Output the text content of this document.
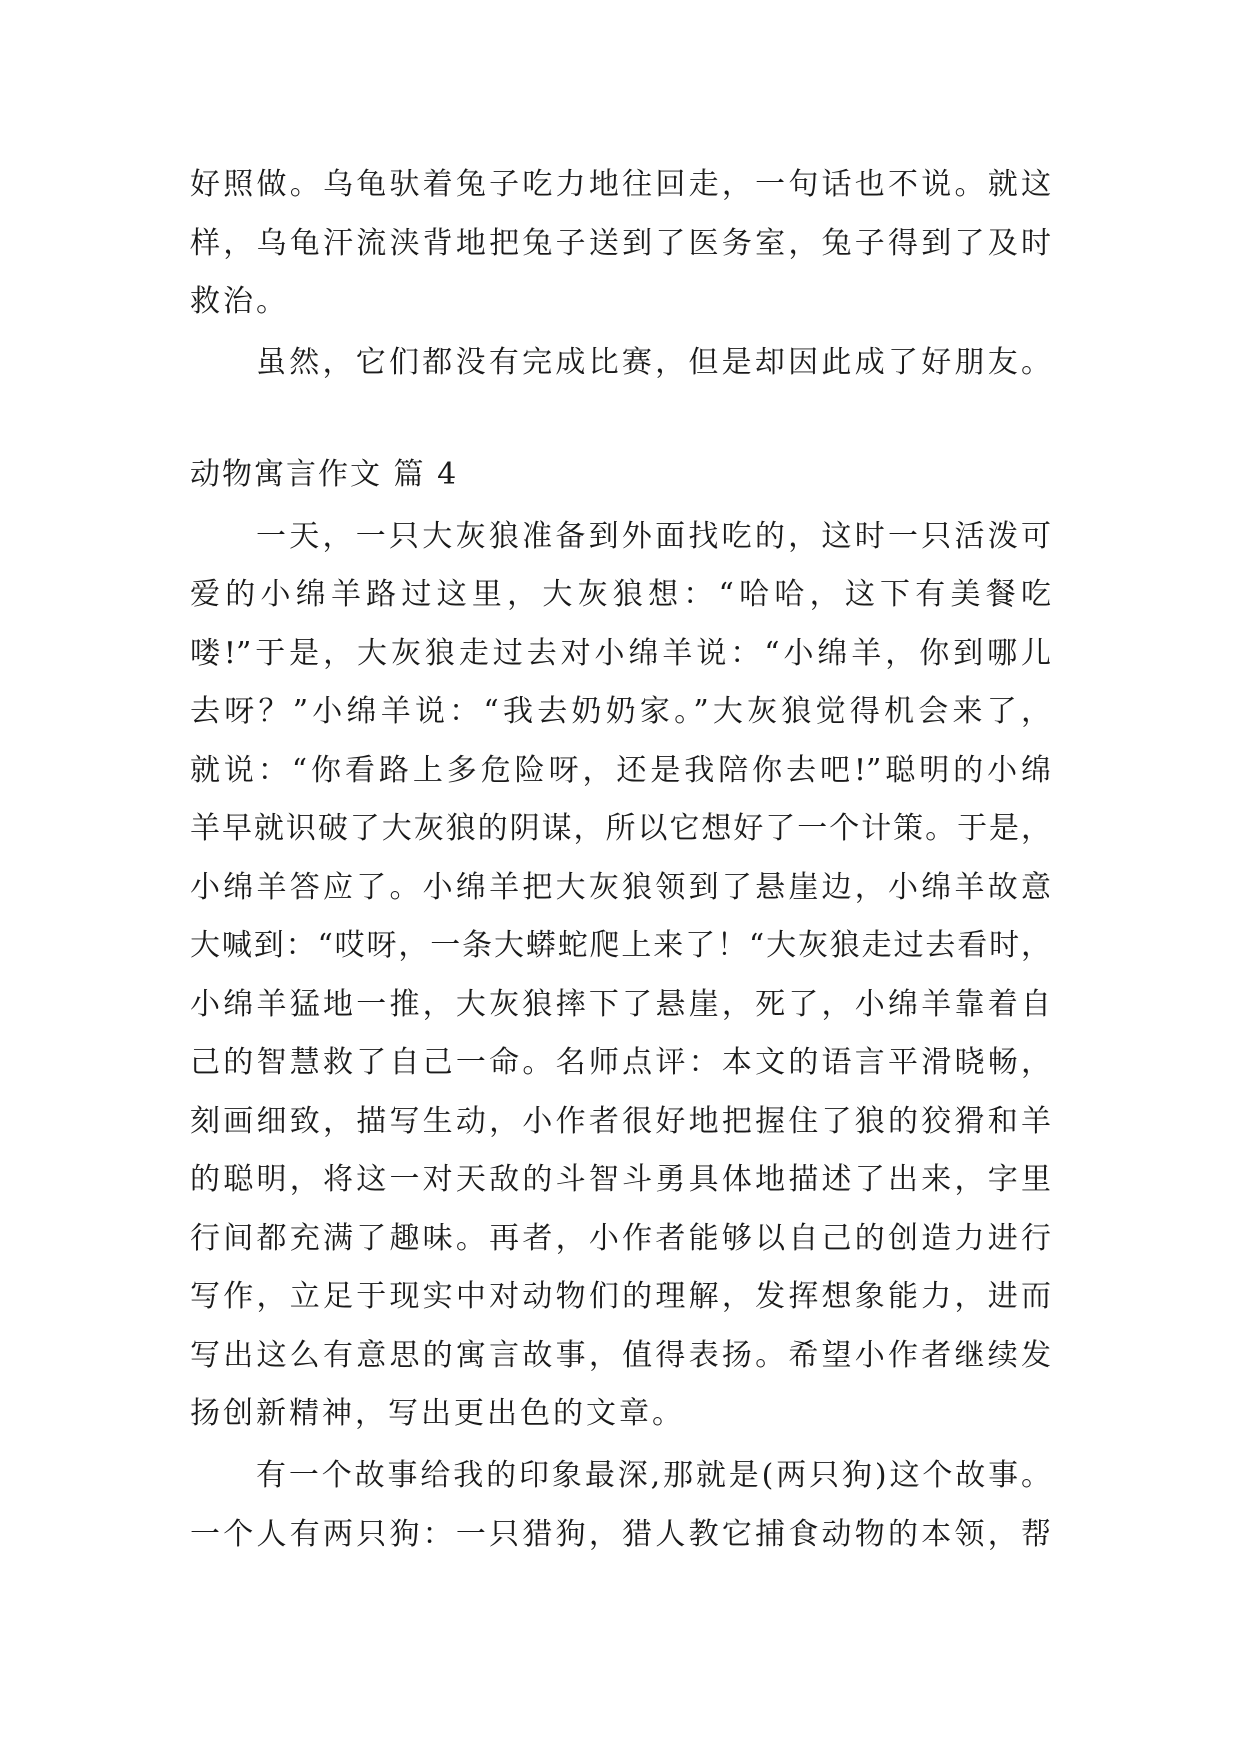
好照做。乌龟驮着兔子吃力地往回走，一句话也不说。就这
样，乌龟汗流浃背地把兔子送到了医务室，兔子得到了及时
救治。
虽然，它们都没有完成比赛，但是却因此成了好朋友。
动物寓言作文 篇 4
一天，一只大灰狼准备到外面找吃的，这时一只活泼可
爱的小绵羊路过这里，大灰狼想：“哈哈，这下有美餐吃
喽!”于是，大灰狼走过去对小绵羊说：“小绵羊，你到哪儿
去呀？”小绵羊说：“我去奶奶家。”大灰狼觉得机会来了，
就说：“你看路上多危险呀，还是我陪你去吧!”聪明的小绵
羊早就识破了大灰狼的阴谋，所以它想好了一个计策。于是，
小绵羊答应了。小绵羊把大灰狼领到了悬崖边，小绵羊故意
大喊到：“哎呀，一条大蟒蛇爬上来了！“大灰狼走过去看时，
小绵羊猛地一推，大灰狼摔下了悬崖，死了，小绵羊靠着自
己的智慧救了自己一命。名师点评：本文的语言平滑晓畅，
刻画细致，描写生动，小作者很好地把握住了狼的狡猾和羊
的聪明，将这一对天敌的斗智斗勇具体地描述了出来，字里
行间都充满了趣味。再者，小作者能够以自己的创造力进行
写作，立足于现实中对动物们的理解，发挥想象能力，进而
写出这么有意思的寓言故事，值得表扬。希望小作者继续发
扬创新精神，写出更出色的文章。
有一个故事给我的印象最深,那就是(两只狗)这个故事。
一个人有两只狗：一只猎狗，猎人教它捕食动物的本领，帮
